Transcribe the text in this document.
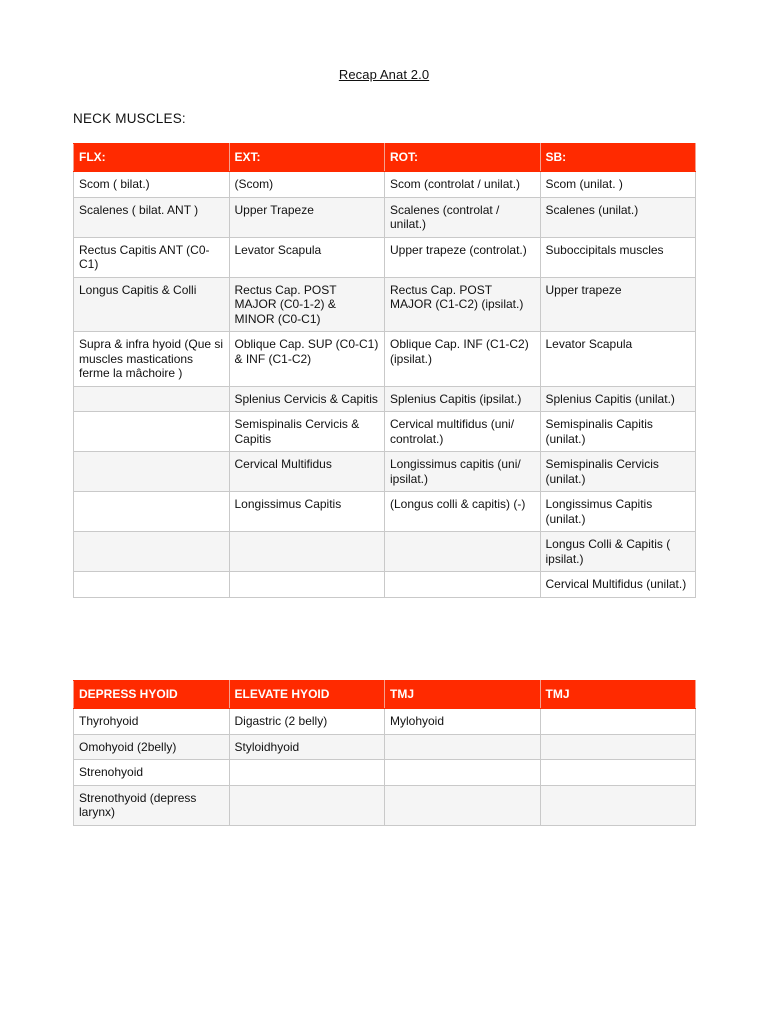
Recap Anat 2.0
NECK MUSCLES:
FLX:	EXT:	ROT:	SB:
Scom ( bilat.)	(Scom)	Scom (controlat / unilat.)	Scom (unilat. )
Scalenes ( bilat. ANT )	Upper Trapeze	Scalenes (controlat / unilat.)	Scalenes (unilat.)
Rectus Capitis ANT (C0-C1)	Levator Scapula	Upper trapeze (controlat.)	Suboccipitals muscles
Longus Capitis & Colli	Rectus Cap. POST MAJOR (C0-1-2) & MINOR (C0-C1)	Rectus Cap. POST MAJOR (C1-C2) (ipsilat.)	Upper trapeze
Supra & infra hyoid (Que si muscles mastications ferme la mâchoire )	Oblique Cap. SUP (C0-C1) & INF (C1-C2)	Oblique Cap. INF (C1-C2) (ipsilat.)	Levator Scapula
	Splenius Cervicis & Capitis	Splenius Capitis (ipsilat.)	Splenius Capitis (unilat.)
	Semispinalis Cervicis & Capitis	Cervical multifidus (uni/ controlat.)	Semispinalis Capitis (unilat.)
	Cervical Multifidus	Longissimus capitis (uni/ ipsilat.)	Semispinalis Cervicis (unilat.)
	Longissimus Capitis	(Longus colli & capitis) (-)	Longissimus Capitis (unilat.)
			Longus Colli & Capitis ( ipsilat.)
			Cervical Multifidus (unilat.)
DEPRESS HYOID	ELEVATE HYOID	TMJ	TMJ
Thyrohyoid	Digastric (2 belly)	Mylohyoid	
Omohyoid (2belly)	Styloidhyoid		
Strenohyoid			
Strenothyoid (depress larynx)			
